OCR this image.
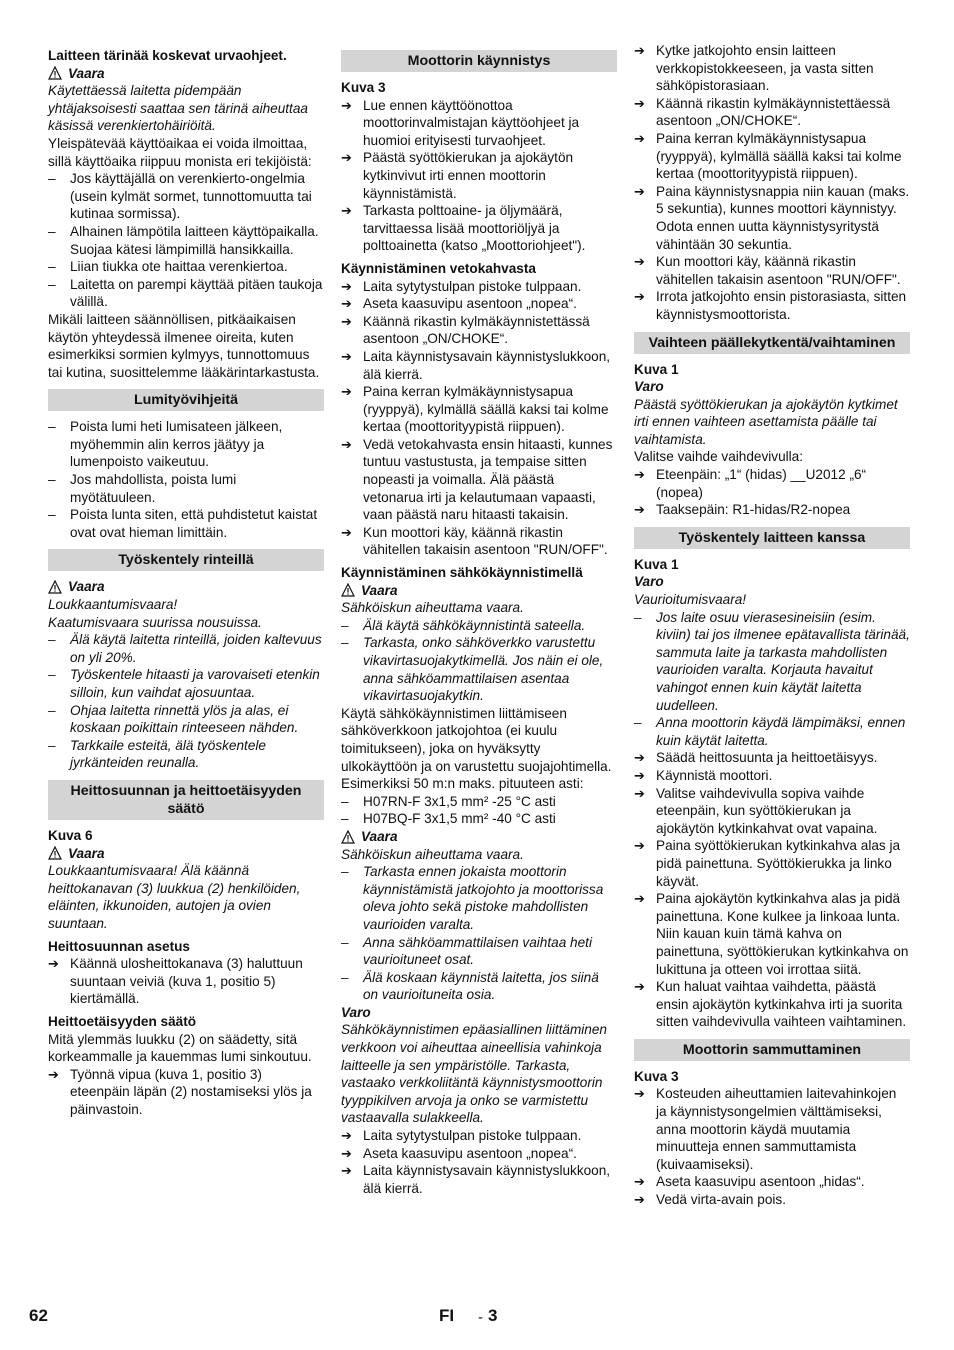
Laitteen tärinää koskevat urvaohjeet.
Vaara
Käytettäessä laitetta pidempään yhtäjaksoisesti saattaa sen tärinä aiheuttaa käsissä verenkiertohäiriöitä.
Yleispätevää käyttöaikaa ei voida ilmoittaa, sillä käyttöaika riippuu monista eri tekijöistä:
–	Jos käyttäjällä on verenkierto-ongelmia (usein kylmät sormet, tunnottomuutta tai kutinaa sormissa).
–	Alhainen lämpötila laitteen käyttöpaikalla. Suojaa kätesi lämpimillä hansikkailla.
–	Liian tiukka ote haittaa verenkiertoa.
–	Laitetta on parempi käyttää pitäen taukoja välillä.
Mikäli laitteen säännöllisen, pitkäaikaisen käytön yhteydessä ilmenee oireita, kuten esimerkiksi sormien kylmyys, tunnottomuus tai kutina, suosittelemme lääkärintarkastusta.
Lumityövihjeitä
–	Poista lumi heti lumisateen jälkeen, myöhemmin alin kerros jäätyy ja lumenpoisto vaikeutuu.
–	Jos mahdollista, poista lumi myötätuuleen.
–	Poista lunta siten, että puhdistetut kaistat ovat ovat hieman limittäin.
Työskentely rinteillä
Vaara
Loukkaantumisvaara!
Kaatumisvaara suurissa nousuissa.
–	Älä käytä laitetta rinteillä, joiden kaltevuus on yli 20%.
–	Työskentele hitaasti ja varovaiseti etenkin silloin, kun vaihdat ajosuuntaa.
–	Ohjaa laitetta rinnettä ylös ja alas, ei koskaan poikittain rinteeseen nähden.
–	Tarkkaile esteitä, älä työskentele jyrkänteiden reunalla.
Heittosuunnan ja heittoetäisyyden säätö
Kuva 6
Vaara
Loukkaantumisvaara! Älä käännä heittokanavan (3) luukkua (2) henkilöiden, eläinten, ikkunoiden, autojen ja ovien suuntaan.
Heittosuunnan asetus
➔ Käännä ulosheittokanava (3) haluttuun suuntaan veiviä (kuva 1, positio 5) kiertämällä.
Heittoetäisyyden säätö
Mitä ylemmäs luukku (2) on säädetty, sitä korkeammalle ja kauemmas lumi sinkoutuu.
➔ Työnnä vipua (kuva 1, positio 3) eteenpäin läpän (2) nostamiseksi ylös ja päinvastoin.
Moottorin käynnistys
Kuva 3
➔ Lue ennen käyttöönottoa moottorinvalmistajan käyttöohjeet ja huomioi erityisesti turvaohjeet.
➔ Päästä syöttökierukan ja ajokäytön kytkinvivut irti ennen moottorin käynnistämistä.
➔ Tarkasta polttoaine- ja öljymäärä, tarvittaessa lisää moottoriöljyä ja polttoainetta (katso „Moottoriohjeet").
Käynnistäminen vetokahvasta
➔ Laita sytytystulpan pistoke tulppaan.
➔ Aseta kaasuvipu asentoon „nopea“.
➔ Käännä rikastin kylmäkäynnistettässä asentoon „ON/CHOKE“.
➔ Laita käynnistysavain käynnistyslukkoon, älä kierrä.
➔ Paina kerran kylmäkäynnistysapua (ryyppyä), kylmällä säällä kaksi tai kolme kertaa (moottorityypistä riippuen).
➔ Vedä vetokahvasta ensin hitaasti, kunnes tuntuu vastustusta, ja tempaise sitten nopeasti ja voimalla. Älä päästä vetonarua irti ja kelautumaan vapaasti, vaan päästä naru hitaasti takaisin.
➔ Kun moottori käy, käännä rikastin vähitellen takaisin asentoon "RUN/OFF".
Käynnistäminen sähkökäynnistimellä
Vaara
Sähköiskun aiheuttama vaara.
–	Älä käytä sähkökäynnistintä sateella.
–	Tarkasta, onko sähköverkko varustettu vikavirtasuojakytkimellä. Jos näin ei ole, anna sähköammattilaisen asentaa vikavirtasuojakytkin.
Käytä sähkökäynnistimen liittämiseen sähköverkkoon jatkojohtoa (ei kuulu toimitukseen), joka on hyväksytty ulkokäyttöön ja on varustettu suojajohtimella.
Esimerkiksi 50 m:n maks. pituuteen asti:
–	H07RN-F 3x1,5 mm² -25 °C asti
–	H07BQ-F 3x1,5 mm² -40 °C asti
Vaara
Sähköiskun aiheuttama vaara.
–	Tarkasta ennen jokaista moottorin käynnistämistä jatkojohto ja moottorissa oleva johto sekä pistoke mahdollisten vaurioiden varalta.
–	Anna sähköammattilaisen vaihtaa heti vaurioituneet osat.
–	Älä koskaan käynnistä laitetta, jos siinä on vaurioituneita osia.
Varo
Sähkökäynnistimen epäasiallinen liittäminen verkkoon voi aiheuttaa aineellisia vahinkoja laitteelle ja sen ympäristölle. Tarkasta, vastaako verkkoliitäntä käynnistysmoottorin tyyppikilven arvoja ja onko se varmistettu vastaavalla sulakkeella.
➔ Laita sytytystulpan pistoke tulppaan.
➔ Aseta kaasuvipu asentoon „nopea“.
➔ Laita käynnistysavain käynnistyslukkoon, älä kierrä.
➔ Kytke jatkojohto ensin laitteen verkkopistokkeeseen, ja vasta sitten sähköpistorasiaan.
➔ Käännä rikastin kylmäkäynnistettäessä asentoon „ON/CHOKE“.
➔ Paina kerran kylmäkäynnistysapua (ryyppyä), kylmällä säällä kaksi tai kolme kertaa (moottorityypistä riippuen).
➔ Paina käynnistysnappia niin kauan (maks. 5 sekuntia), kunnes moottori käynnistyy. Odota ennen uutta käynnistysyritystä vähintään 30 sekuntia.
➔ Kun moottori käy, käännä rikastin vähitellen takaisin asentoon "RUN/OFF".
➔ Irrota jatkojohto ensin pistorasiasta, sitten käynnistysmoottorista.
Vaihteen päällekytkentä/vaihtaminen
Kuva 1
Varo
Päästä syöttökierukan ja ajokäytön kytkimet irti ennen vaihteen asettamista päälle tai vaihtamista.
Valitse vaihde vaihdevivulla:
➔ Eteenpäin: „1“ (hidas) __U2012 „6“ (nopea)
➔ Taaksepäin: R1-hidas/R2-nopea
Työskentely laitteen kanssa
Kuva 1
Varo
Vaurioitumisvaara!
–	Jos laite osuu vierasesineisiin (esim. kiviin) tai jos ilmenee epätavallista tärinää, sammuta laite ja tarkasta mahdollisten vaurioiden varalta. Korjauta havaitut vahingot ennen kuin käytät laitetta uudelleen.
–	Anna moottorin käydä lämpimäksi, ennen kuin käytät laitetta.
➔ Säädä heittosuunta ja heittoetäisyys.
➔ Käynnistä moottori.
➔ Valitse vaihdevivulla sopiva vaihde eteenpäin, kun syöttökierukan ja ajokäytön kytkinkahvat ovat vapaina.
➔ Paina syöttökierukan kytkinkahva alas ja pidä painettuna. Syöttökierukka ja linko käyvät.
➔ Paina ajokäytön kytkinkahva alas ja pidä painettuna. Kone kulkee ja linkoaa lunta. Niin kauan kuin tämä kahva on painettuna, syöttökierukan kytkinkahva on lukittuna ja otteen voi irrottaa siitä.
➔ Kun haluat vaihtaa vaihdetta, päästä ensin ajokäytön kytkinkahva irti ja suorita sitten vaihdevivulla vaihteen vaihtaminen.
Moottorin sammuttaminen
Kuva 3
➔ Kosteuden aiheuttamien laitevahinkojen ja käynnistysongelmien välttämiseksi, anna moottorin käydä muutamia minuutteja ennen sammuttamista (kuivaamiseksi).
➔ Aseta kaasuvipu asentoon „hidas“.
➔ Vedä virta-avain pois.
62	FI - 3
